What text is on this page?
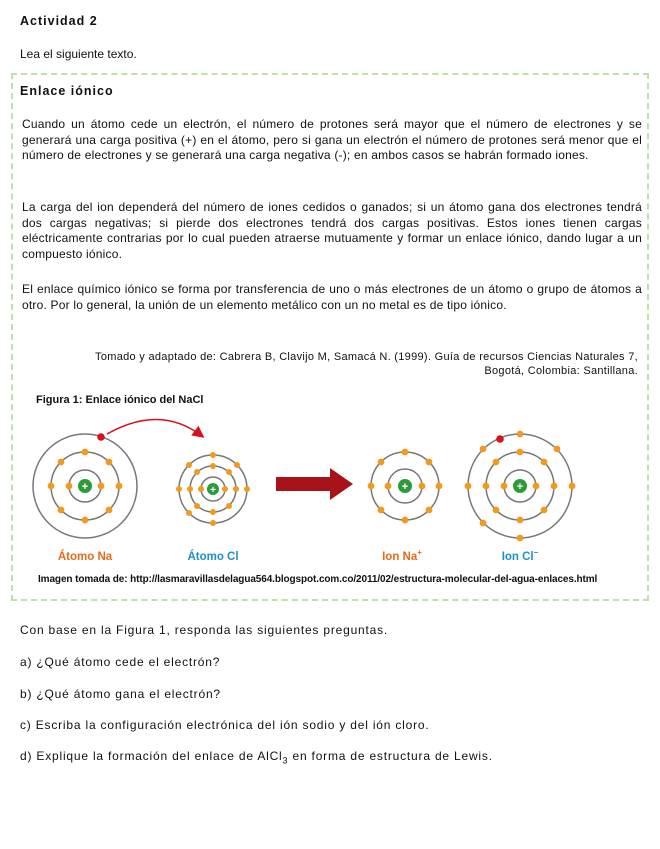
Actividad 2
Lea el siguiente texto.
Enlace iónico

Cuando un átomo cede un electrón, el número de protones será mayor que el número de electrones y se generará una carga positiva (+) en el átomo, pero si gana un electrón el número de protones será menor que el número de electrones y se generará una carga negativa (-); en ambos casos se habrán formado iones.

La carga del ion dependerá del número de iones cedidos o ganados; si un átomo gana dos electrones tendrá dos cargas negativas; si pierde dos electrones tendrá dos cargas positivas. Estos iones tienen cargas eléctricamente contrarias por lo cual pueden atraerse mutuamente y formar un enlace iónico, dando lugar a un compuesto iónico.

El enlace químico iónico se forma por transferencia de uno o más electrones de un átomo o grupo de átomos a otro. Por lo general, la unión de un elemento metálico con un no metal es de tipo iónico.

Tomado y adaptado de: Cabrera B, Clavijo M, Samacá N. (1999). Guía de recursos Ciencias Naturales 7,
Bogotá, Colombia: Santillana.
Figura 1: Enlace iónico del NaCl
+	+	+	+
Átomo Na	Átomo Cl	Ion Na+	Ion Cl−
Imagen tomada de: http://lasmaravillasdelagua564.blogspot.com.co/2011/02/estructura-molecular-del-agua-enlaces.html
Con base en la Figura 1, responda las siguientes preguntas.
a) ¿Qué átomo cede el electrón?
b) ¿Qué átomo gana el electrón?
c) Escriba la configuración electrónica del ión sodio y del ión cloro.
d) Explique la formación del enlace de AlCl$_3$ en forma de estructura de Lewis.
